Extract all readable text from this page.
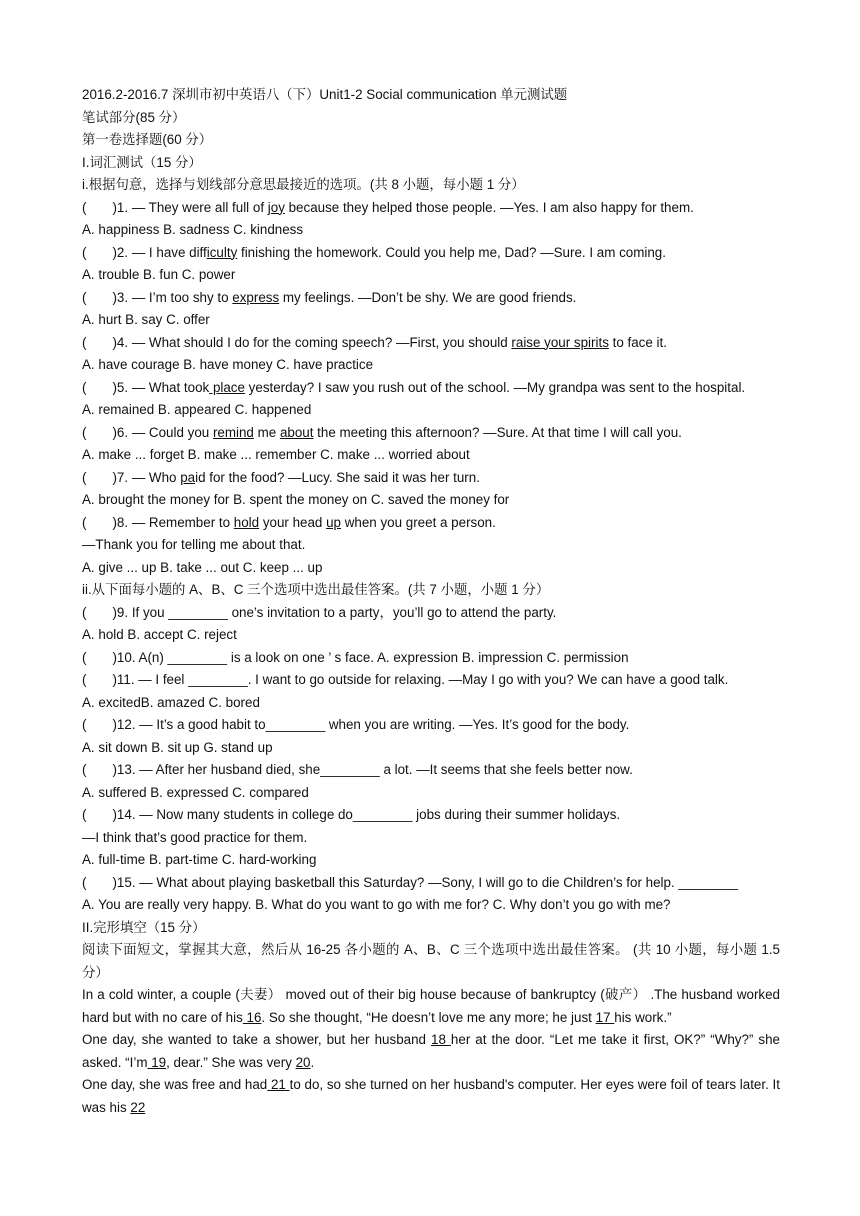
2016.2-2016.7 深圳市初中英语八（下）Unit1-2 Social communication 单元测试题
笔试部分(85 分）
第一卷选择题(60 分）
I.词汇测试（15 分）
i.根据句意，选择与划线部分意思最接近的选项。(共 8 小题，每小题 1 分）
( )1. — They were all full of joy because they helped those people. —Yes. I am also happy for them.
A. happiness B. sadness C. kindness
( )2. — I have difficulty finishing the homework. Could you help me, Dad? —Sure. I am coming.
A. trouble B. fun C. power
( )3. — I’m too shy to express my feelings. —Don’t be shy. We are good friends.
A. hurt B. say C. offer
( )4. — What should I do for the coming speech? —First, you should raise your spirits to face it.
A. have courage B. have money C. have practice
( )5. — What took place yesterday? I saw you rush out of the school. —My grandpa was sent to the hospital.
A. remained B. appeared C. happened
( )6. — Could you remind me about the meeting this afternoon? —Sure. At that time I will call you.
A. make ... forget B. make ... remember C. make ... worried about
( )7. — Who paid for the food? —Lucy. She said it was her turn.
A. brought the money for B. spent the money on C. saved the money for
( )8. — Remember to hold your head up when you greet a person.
—Thank you for telling me about that.
A. give ... up B. take ... out C. keep ... up
ii.从下面每小题的 A、B、C 三个选项中选出最佳答案。(共 7 小题，小题 1 分）
( )9. If you ________ one’s invitation to a party，you’ll go to attend the party.
A. hold B. accept C. reject
( )10. A(n) ________ is a look on one ’ s face. A. expression B. impression C. permission
( )11. — I feel ________. I want to go outside for relaxing. —May I go with you? We can have a good talk.
A. excitedB. amazed C. bored
( )12. — It’s a good habit to________ when you are writing. —Yes. It’s good for the body.
A. sit down B. sit up G. stand up
( )13. — After her husband died, she________ a lot. —It seems that she feels better now.
A. suffered B. expressed C. compared
( )14. — Now many students in college do________ jobs during their summer holidays.
—I think that’s good practice for them.
A. full-time B. part-time C. hard-working
( )15. — What about playing basketball this Saturday? —Sony, I will go to die Children’s for help. ________
A. You are really very happy. B. What do you want to go with me for? C. Why don’t you go with me?
II.完形填空（15 分）
阅读下面短文，掌握其大意，然后从 16-25 各小题的 A、B、C 三个选项中选出最佳答案。 (共 10 小题，每小题 1.5 分）
In a cold winter, a couple (夫妻） moved out of their big house because of bankruptcy (破产） .The husband worked hard but with no care of his 16. So she thought, “He doesn’t love me any more; he just 17 his work.”
One day, she wanted to take a shower, but her husband 18 her at the door. “Let me take it first, OK?” “Why?” she asked. “I’m 19, dear.” She was very 20.
One day, she was free and had 21 to do, so she turned on her husband's computer. Her eyes were foil of tears later. It was his 22
